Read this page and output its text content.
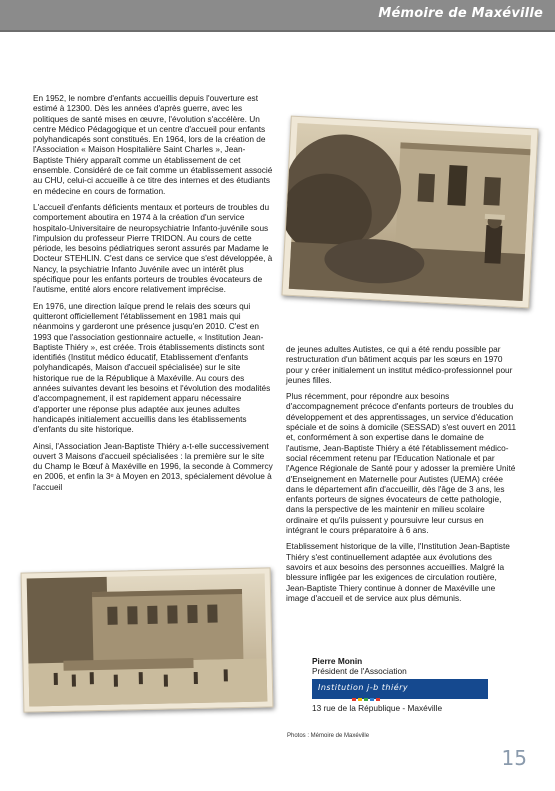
Mémoire de Maxéville

En 1952, le nombre d'enfants accueillis depuis l'ouverture est estimé à 12300. Dès les années d'après guerre, avec les politiques de santé mises en œuvre, l'évolution s'accélère. Un centre Médico Pédagogique et un centre d'accueil pour enfants polyhandicapés sont constitués. En 1964, lors de la création de l'Association « Maison Hospitalière Saint Charles », Jean-Baptiste Thiéry apparaît comme un établissement de cet ensemble. Considéré de ce fait comme un établissement associé au CHU, celui-ci accueille à ce titre des internes et des étudiants en médecine en cours de formation.

L'accueil d'enfants déficients mentaux et porteurs de troubles du comportement aboutira en 1974 à la création d'un service hospitalo-Universitaire de neuropsychiatrie Infanto-juvénile sous l'impulsion du professeur Pierre TRIDON. Au cours de cette période, les besoins pédiatriques seront assurés par Madame le Docteur STEHLIN. C'est dans ce service que s'est développée, à Nancy, la psychiatrie Infanto Juvénile avec un intérêt plus spécifique pour les enfants porteurs de troubles évocateurs de l'autisme, entité alors encore relativement imprécise.

En 1976, une direction laïque prend le relais des sœurs qui quitteront officiellement l'établissement en 1981 mais qui néanmoins y garderont une présence jusqu'en 2010. C'est en 1993 que l'association gestionnaire actuelle, « Institution Jean-Baptiste Thiéry », est créée. Trois établissements distincts sont identifiés (Institut médico éducatif, Etablissement d'enfants polyhandicapés, Maison d'accueil spécialisée) sur le site historique rue de la République à Maxéville. Au cours des années suivantes devant les besoins et l'évolution des modalités d'accompagnement, il est rapidement apparu nécessaire d'apporter une réponse plus adaptée aux jeunes adultes handicapés initialement accueillis dans les établissements d'enfants du site historique.

Ainsi, l'Association Jean-Baptiste Thiéry a-t-elle successivement ouvert 3 Maisons d'accueil spécialisées : la première sur le site du Champ le Bœuf à Maxéville en 1996, la seconde à Commercy en 2006, et enfin la 3ᵉ à Moyen en 2013, spécialement dévolue à l'accueil

de jeunes adultes Autistes, ce qui a été rendu possible par restructuration d'un bâtiment acquis par les sœurs en 1970 pour y créer initialement un institut médico-professionnel pour jeunes filles.

Plus récemment, pour répondre aux besoins d'accompagnement précoce d'enfants porteurs de troubles du développement et des apprentissages, un service d'éducation spéciale et de soins à domicile (SESSAD) s'est ouvert en 2011 et, conformément à son expertise dans le domaine de l'autisme, Jean-Baptiste Thiéry a été l'établissement médico-social récemment retenu par l'Education Nationale et par l'Agence Régionale de Santé pour y adosser la première Unité d'Enseignement en Maternelle pour Autistes (UEMA) créée dans le département afin d'accueillir, dès l'âge de 3 ans, les enfants porteurs de signes évocateurs de cette pathologie, dans la perspective de les maintenir en milieu scolaire ordinaire et qu'ils puissent y poursuivre leur cursus en intégrant le cours préparatoire à 6 ans.

Etablissement historique de la ville, l'Institution Jean-Baptiste Thiéry s'est continuellement adaptée aux évolutions des savoirs et aux besoins des personnes accueillies. Malgré la blessure infligée par les exigences de circulation routière, Jean-Baptiste Thiery continue à donner de Maxéville une image d'accueil et de service aux plus démunis.

Pierre Monin
Président de l'Association
Institution j-b thiéry
13 rue de la République - Maxéville
Photos : Mémoire de Maxéville
15
